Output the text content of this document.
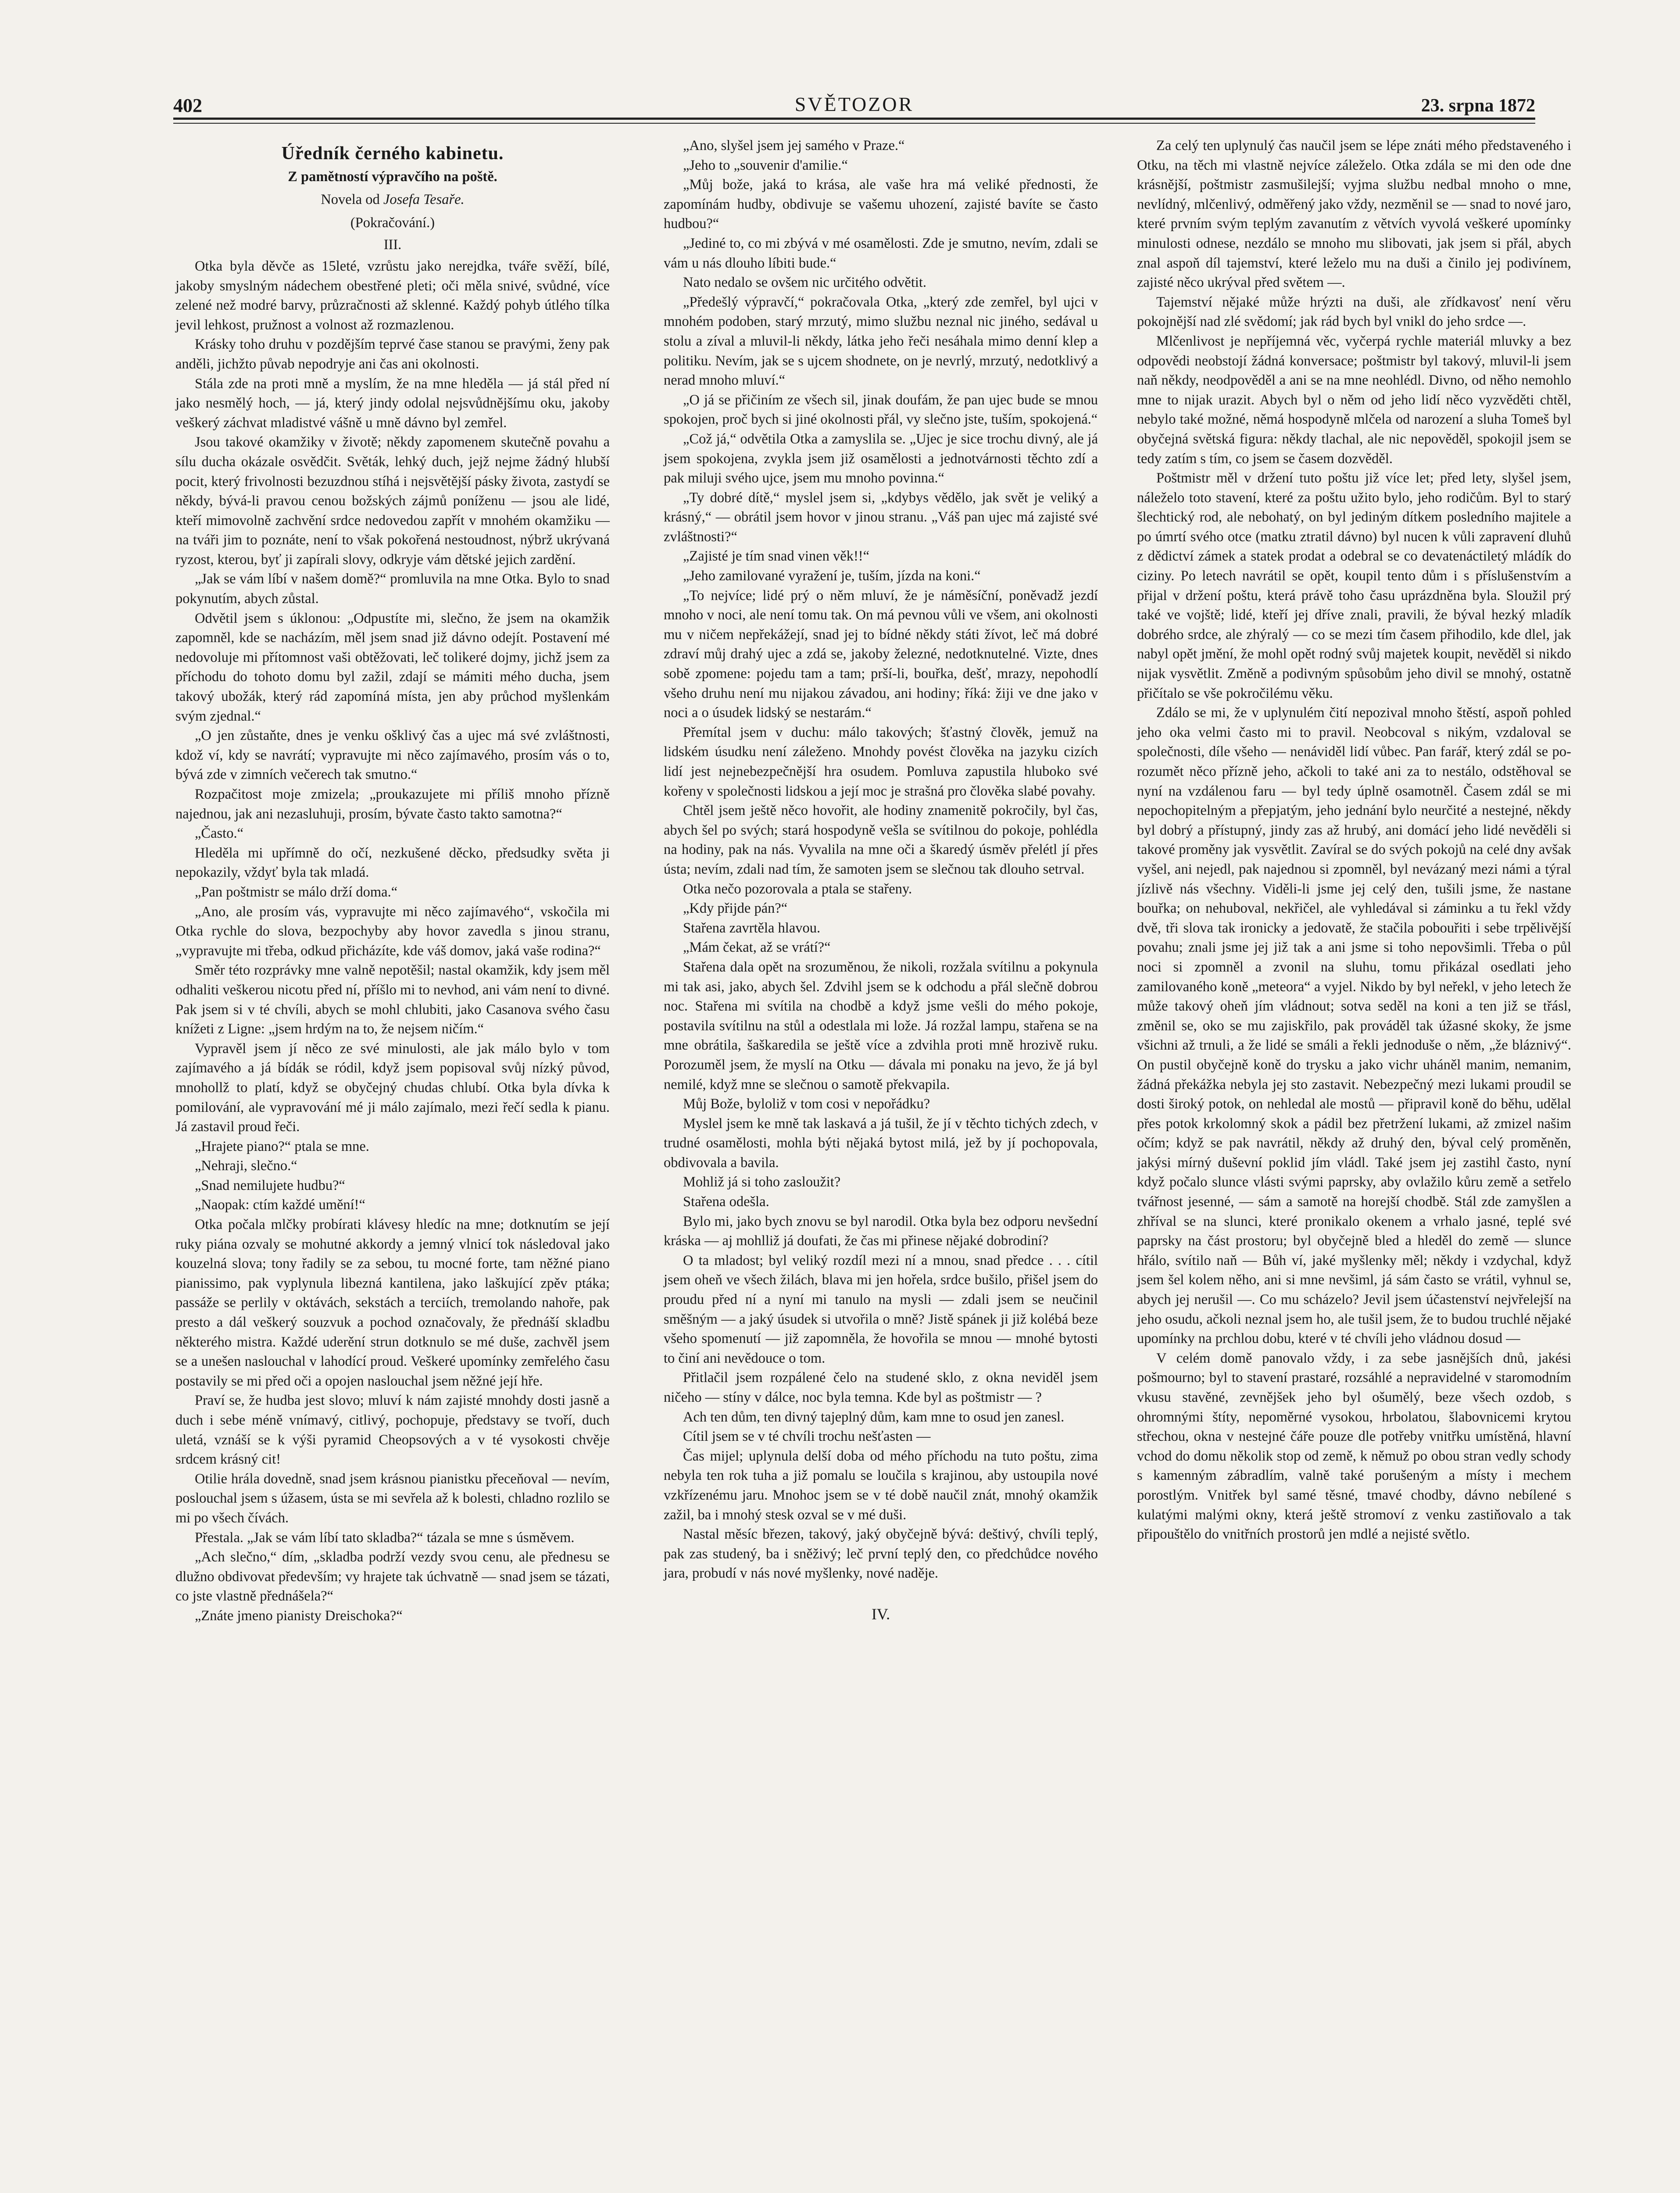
402	SVĚTOZOR	23. srpna 1872
Úředník černého kabinetu.
Z pamětností výpravčího na poště.
Novela od Josefa Tesaře.
(Pokračování.)
III.

Otka byla děvče as 15leté, vzrůstu jako nerejdka, tváře svěží, bílé, jakoby smyslným nádechem obestřené pleti; oči měla snivé, svůdné, více zelené než modré barvy, průzračnosti až sklenné. Každý pohyb útlého tílka jevil lehkost, pružnost a volnost až rozmazlenou.

Krásky toho druhu v pozdějším teprvé čase stanou se pravými, ženy pak anděli, jichžto půvab nepodryje ani čas ani okolnosti.

Stála zde na proti mně a myslím, že na mne hleděla — já stál před ní jako nesmělý hoch, — já, který jindy odolal nejsvůdnějšímu oku, jakoby veškerý záchvat mladistvé vášně u mně dávno byl zemřel.

Jsou takové okamžiky v životě; někdy zapomenem skutečně povahu a sílu ducha okázale osvědčit. Světák, lehký duch, jejž nejme žádný hlubší pocit, který frivolnosti bezuzdnou stíhá i nejsvětější pásky života, zastydí se někdy, bývá-li pravou cenou božských zájmů poníženu — jsou ale lidé, kteří mimovolně zachvění srdce nedovedou zapřít v mnohém okamžiku — na tváři jim to poznáte, není to však pokořená nestoudnost, nýbrž ukrývaná ryzost, kterou, byť ji zapírali slovy, odkryje vám dětské jejich zardění.

„Jak se vám líbí v našem domě?“ promluvila na mne Otka. Bylo to snad pokynutím, abych zůstal.

Odvětil jsem s úklonou: „Odpustíte mi, slečno, že jsem na okamžik zapomněl, kde se nacházím, měl jsem snad již dávno odejít. Postavení mé nedovoluje mi přítomnost vaši obtěžovati, leč tolikeré dojmy, jichž jsem za příchodu do tohoto domu byl zažil, zdají se mámiti mého ducha, jsem takový ubožák, který rád zapomíná místa, jen aby průchod myšlenkám svým zjednal.“

„O jen zůstaňte, dnes je venku ošklivý čas a ujec má své zvláštnosti, kdož ví, kdy se navrátí; vypravujte mi něco zajímavého, prosím vás o to, bývá zde v zimních večerech tak smutno.“

Rozpačitost moje zmizela; „proukazujete mi příliš mnoho přízně najednou, jak ani nezasluhuji, prosím, bývate často takto samotna?“

„Často.“

Hleděla mi upřímně do očí, nezkušené děcko, předsudky světa ji nepokazily, vždyť byla tak mladá.

„Pan poštmistr se málo drží doma.“

„Ano, ale prosím vás, vypravujte mi něco zajímavého“, vskočila mi Otka rychle do slova, bezpochyby aby hovor zavedla s jinou stranu, „vypravujte mi třeba, odkud přicházíte, kde váš domov, jaká vaše rodina?“

Směr této rozprávky mne valně nepotěšil; nastal okamžik, kdy jsem měl odhaliti veškerou nicotu před ní, příšlo mi to nevhod, ani vám není to divné. Pak jsem si v té chvíli, abych se mohl chlubiti, jako Casanova svého času knížeti z Ligne: „jsem hrdým na to, že nejsem ničím.“

Vypravěl jsem jí něco ze své minulosti, ale jak málo bylo v tom zajímavého a já bídák se ródil, když jsem popisoval svůj nízký původ, mnohollž to platí, když se obyčejný chudas chlubí. Otka byla dívka k pomilování, ale vypravování mé ji málo zajímalo, mezi řečí sedla k pianu. Já zastavil proud řeči.

„Hrajete piano?“ ptala se mne.

„Nehraji, slečno.“

„Snad nemilujete hudbu?“

„Naopak: ctím každé umění!“

Otka počala mlčky probírati klávesy hledíc na mne; dotknutím se její ruky piána ozvaly se mohutné akkordy a jemný vlnicí tok následoval jako kouzelná slova; tony řadily se za sebou, tu mocné forte, tam něžné piano pianissimo, pak vyplynula libezná kantilena, jako laškující zpěv ptáka; passáže se perlily v oktávách, sekstách a terciích, tremolando nahoře, pak presto a dál veškerý souzvuk a pochod označovaly, že přednáší skladbu některého mistra. Každé uderění strun dotknulo se mé duše, zachvěl jsem se a unešen naslouchal v lahodící proud. Veškeré upomínky zemřelého času postavily se mi před oči a opojen naslouchal jsem něžné její hře.

Praví se, že hudba jest slovo; mluví k nám zajisté mnohdy dosti jasně a duch i sebe méně vnímavý, citlivý, pochopuje, představy se tvoří, duch uletá, vznáší se k výši pyramid Cheopsových a v té vysokosti chvěje srdcem krásný cit!

Otilie hrála dovedně, snad jsem krásnou pianistku přeceňoval — nevím, poslouchal jsem s úžasem, ústa se mi sevřela až k bolesti, chladno rozlilo se mi po všech čívách.

Přestala. „Jak se vám líbí tato skladba?“ tázala se mne s úsměvem.

„Ach slečno,“ dím, „skladba podrží vezdy svou cenu, ale přednesu se dlužno obdivovat především; vy hrajete tak úchvatně — snad jsem se tázati, co jste vlastně přednášela?“

„Znáte jmeno pianisty Dreischoka?“

„Ano, slyšel jsem jej samého v Praze.“

„Jeho to „souvenir d'amilie.“

„Můj bože, jaká to krása, ale vaše hra má veliké přednosti, že zapomínám hudby, obdivuje se vašemu uhození, zajisté bavíte se často hudbou?“

„Jediné to, co mi zbývá v mé osamělosti. Zde je smutno, nevím, zdali se vám u nás dlouho líbiti bude.“

Nato nedalo se ovšem nic určitého odvětit.

„Předešlý výpravčí,“ pokračovala Otka, „který zde zemřel, byl ujci v mnohém podoben, starý mrzutý, mimo službu neznal nic jiného, sedával u stolu a zíval a mluvil-li někdy, látka jeho řeči nesáhala mimo denní klep a politiku. Nevím, jak se s ujcem shodnete, on je nevrlý, mrzutý, nedotklivý a nerad mnoho mluví.“

„O já se přičiním ze všech sil, jinak doufám, že pan ujec bude se mnou spokojen, proč bych si jiné okolnosti přál, vy slečno jste, tuším, spokojená.“

„Což já,“ odvětila Otka a zamyslila se. „Ujec je sice trochu divný, ale já jsem spokojena, zvykla jsem již osamělosti a jednotvárnosti těchto zdí a pak miluji svého ujce, jsem mu mnoho povinna.“

„Ty dobré dítě,“ myslel jsem si, „kdybys vědělo, jak svět je veliký a krásný,“ — obrátil jsem hovor v jinou stranu. „Váš pan ujec má zajisté své zvláštnosti?“

„Zajisté je tím snad vinen věk!!“

„Jeho zamilované vyražení je, tuším, jízda na koni.“

„To nejvíce; lidé prý o něm mluví, že je náměsíční, poněvadž jezdí mnoho v noci, ale není tomu tak. On má pevnou vůli ve všem, ani okolnosti mu v ničem nepřekážejí, snad jej to bídné někdy státi žívot, leč má dobré zdraví můj drahý ujec a zdá se, jakoby železné, nedotknutelné. Vizte, dnes sobě zpomene: pojedu tam a tam; prší-li, bouřka, dešť, mrazy, nepohodlí všeho druhu není mu nijakou závadou, ani hodiny; říká: žiji ve dne jako v noci a o úsudek lidský se nestarám.“

Přemítal jsem v duchu: málo takových; šťastný člověk, jemuž na lidském úsudku není záleženo. Mnohdy povést člověka na jazyku cizích lidí jest nejnebezpečnější hra osudem. Pomluva zapustila hluboko své kořeny v společnosti lidskou a její moc je strašná pro člověka slabé povahy.

Chtěl jsem ještě něco hovořit, ale hodiny znamenitě pokročily, byl čas, abych šel po svých; stará hospodyně vešla se svítilnou do pokoje, pohlédla na hodiny, pak na nás. Vyvalila na mne oči a škaredý úsměv přelétl jí přes ústa; nevím, zdali nad tím, že samoten jsem se slečnou tak dlouho setrval.

Otka nečo pozorovala a ptala se stařeny.

„Kdy přijde pán?“

Stařena zavrtěla hlavou.

„Mám čekat, až se vrátí?“

Stařena dala opět na srozuměnou, že nikoli, rozžala svítilnu a pokynula mi tak asi, jako, abych šel. Zdvihl jsem se k odchodu a přál slečně dobrou noc. Stařena mi svítila na chodbě a když jsme vešli do mého pokoje, postavila svítilnu na stůl a odestlala mi lože. Já rozžal lampu, stařena se na mne obrátila, šaškaredila se ještě více a zdvihla proti mně hrozivě ruku. Porozuměl jsem, že myslí na Otku — dávala mi ponaku na jevo, že já byl nemilé, když mne se slečnou o samotě překvapila.

Můj Bože, byloliž v tom cosi v nepořádku?

Myslel jsem ke mně tak laskavá a já tušil, že jí v těchto tichých zdech, v trudné osamělosti, mohla býti nějaká bytost milá, jež by jí pochopovala, obdivovala a bavila.

Mohliž já si toho zasloužit?

Stařena odešla.

Bylo mi, jako bych znovu se byl narodil. Otka byla bez odporu nevšední kráska — aj mohlliž já doufati, že čas mi přinese nějaké dobrodiní?

O ta mladost; byl veliký rozdíl mezi ní a mnou, snad předce . . . cítil jsem oheň ve všech žilách, blava mi jen hořela, srdce bušilo, přišel jsem do proudu před ní a nyní mi tanulo na mysli — zdali jsem se neučinil směšným — a jaký úsudek si utvořila o mně? Jistě spánek ji již kolébá beze všeho spomenutí — již zapomněla, že hovořila se mnou — mnohé bytosti to činí ani nevědouce o tom.

Přitlačil jsem rozpálené čelo na studené sklo, z okna neviděl jsem ničeho — stíny v dálce, noc byla temna. Kde byl as poštmistr — ?

Ach ten dům, ten divný tajeplný dům, kam mne to osud jen zanesl.

Cítil jsem se v té chvíli trochu nešťasten —

Čas mijel; uplynula delší doba od mého příchodu na tuto poštu, zima nebyla ten rok tuha a již pomalu se loučila s krajinou, aby ustoupila nové vzkřízenému jaru. Mnohoc jsem se v té době naučil znát, mnohý okamžik zažil, ba i mnohý stesk ozval se v mé duši.

Nastal měsíc březen, takový, jaký obyčejně bývá: deštivý, chvíli teplý, pak zas studený, ba i sněživý; leč první teplý den, co předchůdce nového jara, probudí v nás nové myšlenky, nové naděje.

IV.

Za celý ten uplynulý čas naučil jsem se lépe znáti mého představeného i Otku, na těch mi vlastně nejvíce záleželo. Otka zdála se mi den ode dne krásnější, poštmistr zasmušilejší; vyjma službu nedbal mnoho o mne, nevlídný, mlčenlivý, odměřený jako vždy, nezměnil se — snad to nové jaro, které prvním svým teplým zavanutím z větvích vyvolá veškeré upomínky minulosti odnese, nezdálo se mnoho mu slibovati, jak jsem si přál, abych znal aspoň díl tajemství, které leželo mu na duši a činilo jej podivínem, zajisté něco ukrýval před světem —.

Tajemství nějaké může hrýzti na duši, ale zřídkavosť není věru pokojnější nad zlé svědomí; jak rád bych byl vnikl do jeho srdce —.

Mlčenlivost je nepříjemná věc, vyčerpá rychle materiál mluvky a bez odpovědi neobstojí žádná konversace; poštmistr byl takový, mluvil-li jsem naň někdy, neodpověděl a ani se na mne neohlédl. Divno, od něho nemohlo mne to nijak urazit. Abych byl o něm od jeho lidí něco vyzvěděti chtěl, nebylo také možné, němá hospodyně mlčela od narození a sluha Tomeš byl obyčejná světská figura: někdy tlachal, ale nic nepověděl, spokojil jsem se tedy zatím s tím, co jsem se časem dozvěděl.

Poštmistr měl v držení tuto poštu již více let; před lety, slyšel jsem, náleželo toto stavení, které za poštu užito bylo, jeho rodičům. Byl to starý šlechtický rod, ale nebohatý, on byl jediným dítkem posledního majitele a po úmrtí svého otce (matku ztratil dávno) byl nucen k vůli zapravení dluhů z dědictví zámek a statek prodat a odebral se co devatenáctiletý mládík do ciziny. Po letech navrátil se opět, koupil tento dům i s příslušenstvím a přijal v držení poštu, která právě toho času uprázdněna byla. Sloužil prý také ve vojště; lidé, kteří jej dříve znali, pravili, že býval hezký mladík dobrého srdce, ale zhýralý — co se mezi tím časem přihodilo, kde dlel, jak nabyl opět jmění, že mohl opět rodný svůj majetek koupit, nevěděl si nikdo nijak vysvětlit. Změně a podivným spůsobům jeho divil se mnohý, ostatně přičítalo se vše pokročilému věku.

Zdálo se mi, že v uplynulém čití nepozival mnoho štěstí, aspoň pohled jeho oka velmi často mi to pravil. Neobcoval s nikým, vzdaloval se společnosti, díle všeho — nenáviděl lidí vůbec. Pan farář, který zdál se po-rozumět něco přízně jeho, ačkoli to také ani za to nestálo, odstěhoval se nyní na vzdálenou faru — byl tedy úplně osamotněl. Časem zdál se mi nepochopitelným a přepjatým, jeho jednání bylo neurčité a nestejné, někdy byl dobrý a přístupný, jindy zas až hrubý, ani domácí jeho lidé nevěděli si takové proměny jak vysvětlit. Zavíral se do svých pokojů na celé dny avšak vyšel, ani nejedl, pak najednou si zpomněl, byl nevázaný mezi námi a týral jízlivě nás všechny. Viděli-li jsme jej celý den, tušili jsme, že nastane bouřka; on nehuboval, nekřičel, ale vyhledával si záminku a tu řekl vždy dvě, tři slova tak ironicky a jedovatě, že stačila pobouřiti i sebe trpělivější povahu; znali jsme jej již tak a ani jsme si toho nepovšimli. Třeba o půl noci si zpomněl a zvonil na sluhu, tomu přikázal osedlati jeho zamilovaného koně „meteora“ a vyjel. Nikdo by byl neřekl, v jeho letech že může takový oheň jím vládnout; sotva seděl na koni a ten již se třásl, změnil se, oko se mu zajiskřilo, pak prováděl tak úžasné skoky, že jsme všichni až trnuli, a že lidé se smáli a řekli jednoduše o něm, „že bláznivý“. On pustil obyčejně koně do trysku a jako vichr uháněl manim, nemanim, žádná překážka nebyla jej sto zastavit. Nebezpečný mezi lukami proudil se dosti široký potok, on nehledal ale mostů — připravil koně do běhu, udělal přes potok krkolomný skok a pádil bez přetržení lukami, až zmizel našim očím; když se pak navrátil, někdy až druhý den, býval celý proměněn, jakýsi mírný duševní poklid jím vládl. Také jsem jej zastihl často, nyní když počalo slunce vlásti svými paprsky, aby ovlažilo kůru země a setřelo tvářnost jesenné, — sám a samotě na horejší chodbě. Stál zde zamyšlen a zhříval se na slunci, které pronikalo okenem a vrhalo jasné, teplé své paprsky na část prostoru; byl obyčejně bled a hleděl do země — slunce hřálo, svítilo naň — Bůh ví, jaké myšlenky měl; někdy i vzdychal, když jsem šel kolem něho, ani si mne nevšiml, já sám často se vrátil, vyhnul se, abych jej nerušil —. Co mu scházelo? Jevil jsem účastenství nejvřelejší na jeho osudu, ačkoli neznal jsem ho, ale tušil jsem, že to budou truchlé nějaké upomínky na prchlou dobu, které v té chvíli jeho vládnou dosud —

V celém domě panovalo vždy, i za sebe jasnějších dnů, jakési pošmourno; byl to stavení prastaré, rozsáhlé a nepravidelné v staromodním vkusu stavěné, zevnějšek jeho byl ošumělý, beze všech ozdob, s ohromnými štíty, nepoměrné vysokou, hrbolatou, šlabovnicemi krytou střechou, okna v nestejné čáře pouze dle potřeby vnitřku umístěná, hlavní vchod do domu několik stop od země, k němuž po obou stran vedly schody s kamenným zábradlím, valně také porušeným a místy i mechem porostlým. Vnitřek byl samé těsné, tmavé chodby, dávno nebílené s kulatými malými okny, která ještě stromoví z venku zastiňovalo a tak připouštělo do vnitřních prostorů jen mdlé a nejisté světlo.
